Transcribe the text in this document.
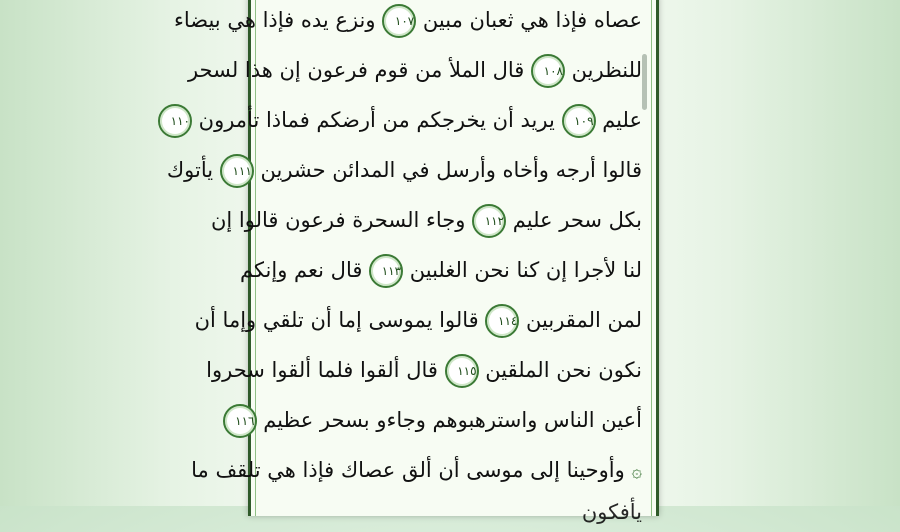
عصاه فإذا هي ثعبان مبين ١٠٧ ونزع يده فإذا هي بيضاء
للنظرين ١٠٨ قال الملأ من قوم فرعون إن هذا لسحر
عليم ١٠٩ يريد أن يخرجكم من أرضكم فماذا تأمرون ١١٠
قالوا أرجه وأخاه وأرسل في المدائن حشرين ١١١ يأتوك
بكل سحر عليم ١١٢ وجاء السحرة فرعون قالوا إن
لنا لأجرا إن كنا نحن الغلبين ١١٣ قال نعم وإنكم
لمن المقربين ١١٤ قالوا يموسى إما أن تلقي وإما أن
نكون نحن الملقين ١١٥ قال ألقوا فلما ألقوا سحروا
أعين الناس واسترهبوهم وجاءو بسحر عظيم ١١٦
۞ وأوحينا إلى موسى أن ألق عصاك فإذا هي تلقف ما
يأفكون
